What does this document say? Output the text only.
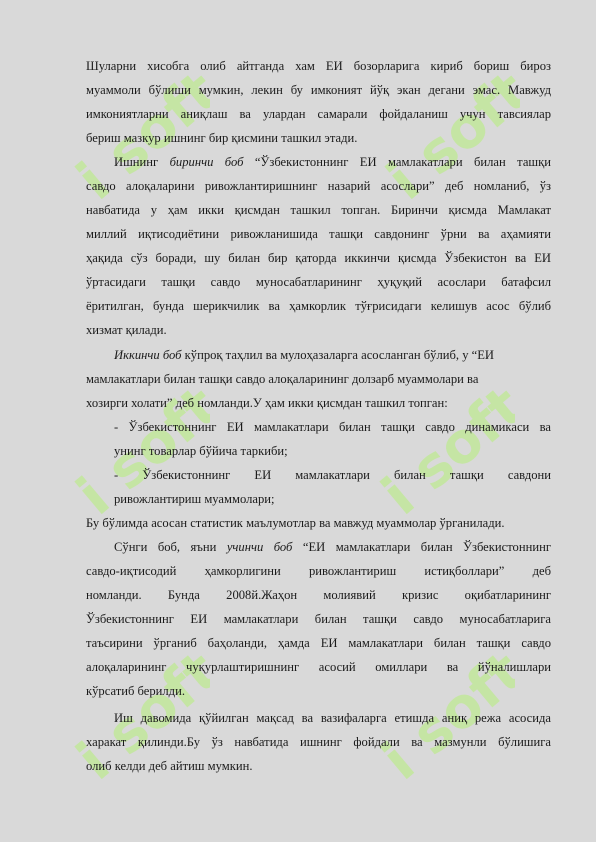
i soft	i soft
i soft i soft
i soft i soft
Шуларни хисобга олиб айтганда хам ЕИ бозорларига кириб бориш бироз
муаммоли бўлиши мумкин, лекин бу имконият йўқ экан дегани эмас. Мавжуд
имкониятларни аниқлаш ва улардан самарали фойдаланиш учун тавсиялар
бериш мазкур ишнинг бир қисмини ташкил этади.
Ишнинг биринчи боб “Ўзбекистоннинг ЕИ мамлакатлари билан ташқи
савдо алоқаларини ривожлантиришнинг назарий асослари” деб номланиб, ўз
навбатида у ҳам икки қисмдан ташкил топган. Биринчи қисмда Мамлакат
миллий иқтисодиётини ривожланишида ташқи савдонинг ўрни ва аҳамияти
ҳақида сўз боради, шу билан бир қаторда иккинчи қисмда Ўзбекистон ва ЕИ
ўртасидаги ташқи савдо муносабатларининг ҳуқуқий асослари батафсил
ёритилган, бунда шерикчилик ва ҳамкорлик тўғрисидаги келишув асос бўлиб
хизмат қилади.
Иккинчи боб кўпроқ таҳлил ва мулоҳазаларга асосланган бўлиб, у “ЕИ
мамлакатлари билан ташқи савдо алоқаларининг долзарб муаммолари ва
хозирги холати” деб номланди.У ҳам икки қисмдан ташкил топган:
- Ўзбекистоннинг ЕИ мамлакатлари билан ташқи савдо динамикаси ва
унинг товарлар бўйича таркиби;
- Ўзбекистоннинг ЕИ мамлакатлари билан ташқи савдони
ривожлантириш муаммолари;
Бу бўлимда асосан статистик маълумотлар ва мавжуд муаммолар ўрганилади.
Сўнги боб, яъни учинчи боб “ЕИ мамлакатлари билан Ўзбекистоннинг
савдо-иқтисодий ҳамкорлигини ривожлантириш истиқболлари” деб
номланди. Бунда 2008й.Жаҳон молиявий кризис оқибатларининг
Ўзбекистоннинг ЕИ мамлакатлари билан ташқи савдо муносабатларига
таъсирини ўрганиб баҳоланди, ҳамда ЕИ мамлакатлари билан ташқи савдо
алоқаларининг чуқурлаштиришнинг асосий омиллари ва йўналишлари
кўрсатиб берилди.
Иш давомида қўйилган мақсад ва вазифаларга етишда аниқ режа асосида
харакат қилинди.Бу ўз навбатида ишнинг фойдали ва мазмунли бўлишига
олиб келди деб айтиш мумкин.
